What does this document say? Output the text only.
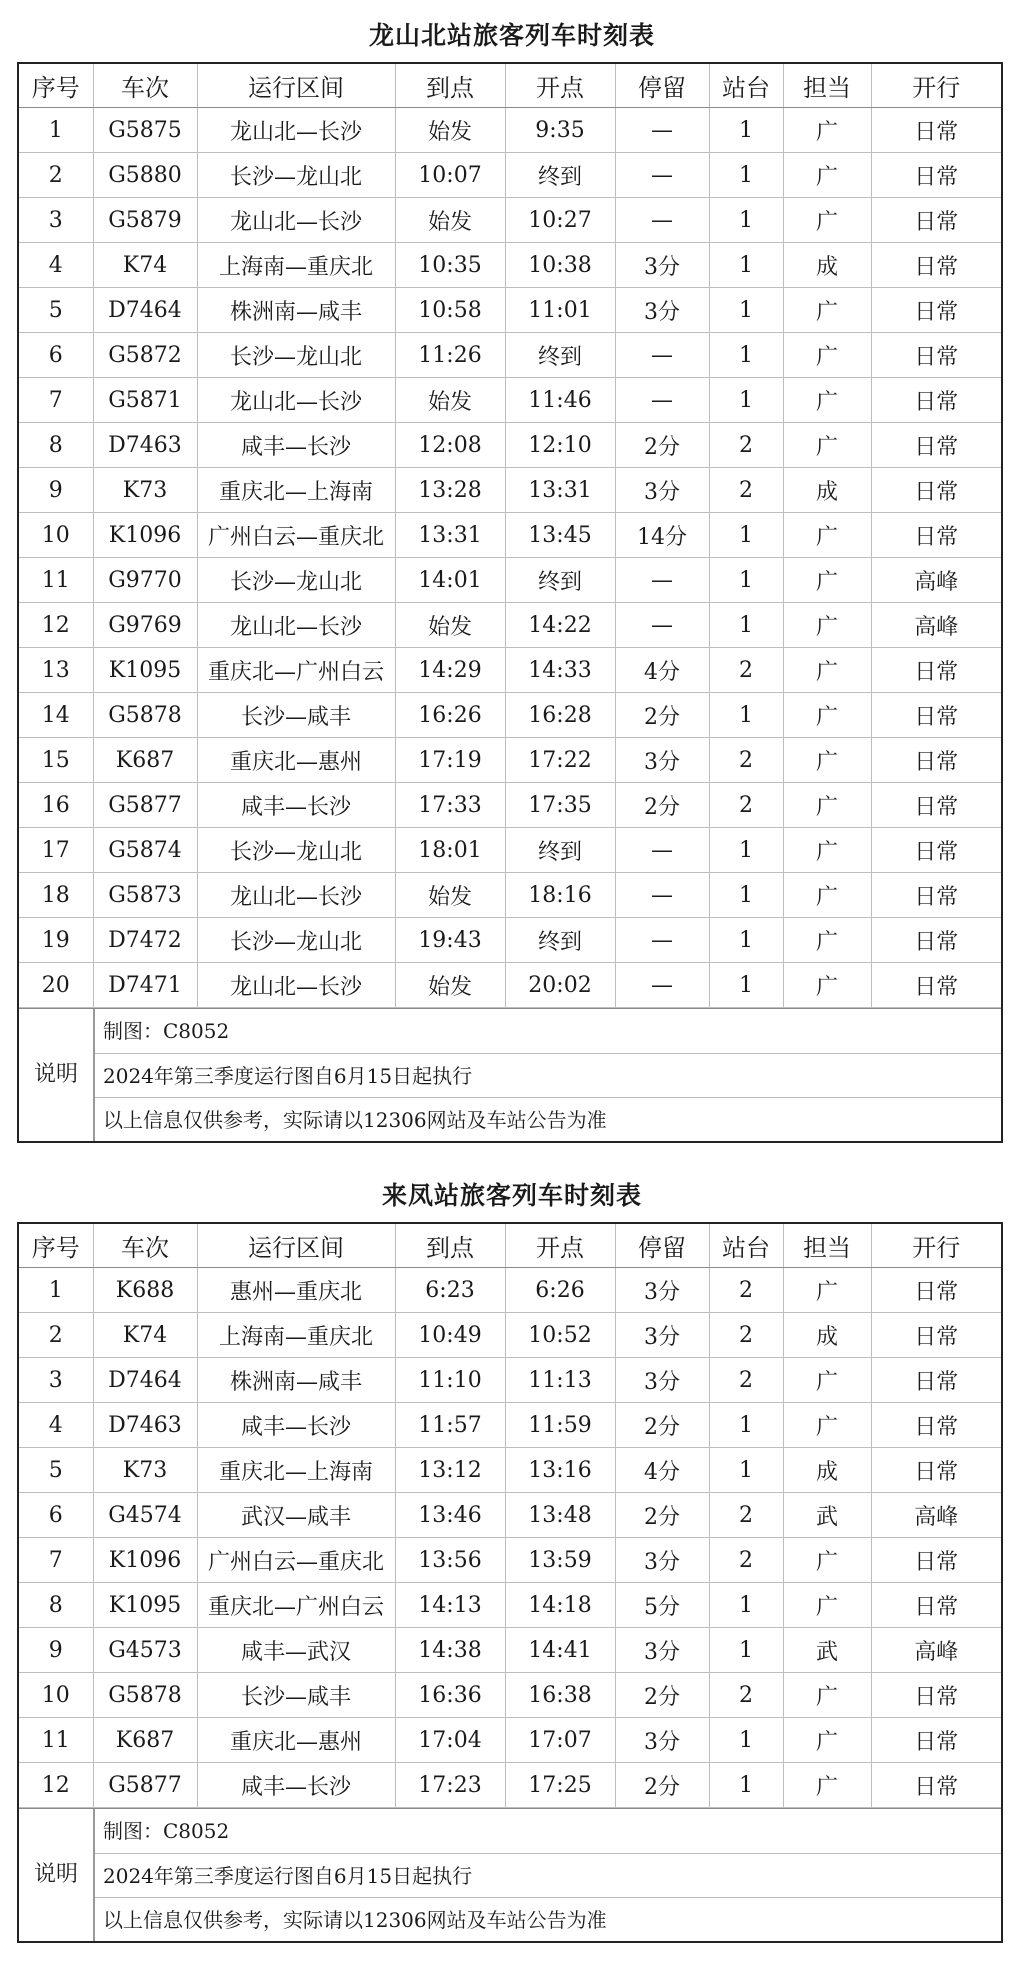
龙山北站旅客列车时刻表
序号	车次	运行区间	到点	开点	停留	站台	担当	开行
1	G5875	龙山北—长沙	始发	9:35	—	1	广	日常
2	G5880	长沙—龙山北	10:07	终到	—	1	广	日常
3	G5879	龙山北—长沙	始发	10:27	—	1	广	日常
4	K74	上海南—重庆北	10:35	10:38	3分	1	成	日常
5	D7464	株洲南—咸丰	10:58	11:01	3分	1	广	日常
6	G5872	长沙—龙山北	11:26	终到	—	1	广	日常
7	G5871	龙山北—长沙	始发	11:46	—	1	广	日常
8	D7463	咸丰—长沙	12:08	12:10	2分	2	广	日常
9	K73	重庆北—上海南	13:28	13:31	3分	2	成	日常
10	K1096	广州白云—重庆北	13:31	13:45	14分	1	广	日常
11	G9770	长沙—龙山北	14:01	终到	—	1	广	高峰
12	G9769	龙山北—长沙	始发	14:22	—	1	广	高峰
13	K1095	重庆北—广州白云	14:29	14:33	4分	2	广	日常
14	G5878	长沙—咸丰	16:26	16:28	2分	1	广	日常
15	K687	重庆北—惠州	17:19	17:22	3分	2	广	日常
16	G5877	咸丰—长沙	17:33	17:35	2分	2	广	日常
17	G5874	长沙—龙山北	18:01	终到	—	1	广	日常
18	G5873	龙山北—长沙	始发	18:16	—	1	广	日常
19	D7472	长沙—龙山北	19:43	终到	—	1	广	日常
20	D7471	龙山北—长沙	始发	20:02	—	1	广	日常
说明
制图：C8052
2024年第三季度运行图自6月15日起执行
以上信息仅供参考，实际请以12306网站及车站公告为准
来凤站旅客列车时刻表
序号	车次	运行区间	到点	开点	停留	站台	担当	开行
1	K688	惠州—重庆北	6:23	6:26	3分	2	广	日常
2	K74	上海南—重庆北	10:49	10:52	3分	2	成	日常
3	D7464	株洲南—咸丰	11:10	11:13	3分	2	广	日常
4	D7463	咸丰—长沙	11:57	11:59	2分	1	广	日常
5	K73	重庆北—上海南	13:12	13:16	4分	1	成	日常
6	G4574	武汉—咸丰	13:46	13:48	2分	2	武	高峰
7	K1096	广州白云—重庆北	13:56	13:59	3分	2	广	日常
8	K1095	重庆北—广州白云	14:13	14:18	5分	1	广	日常
9	G4573	咸丰—武汉	14:38	14:41	3分	1	武	高峰
10	G5878	长沙—咸丰	16:36	16:38	2分	2	广	日常
11	K687	重庆北—惠州	17:04	17:07	3分	1	广	日常
12	G5877	咸丰—长沙	17:23	17:25	2分	1	广	日常
说明
制图：C8052
2024年第三季度运行图自6月15日起执行
以上信息仅供参考，实际请以12306网站及车站公告为准
